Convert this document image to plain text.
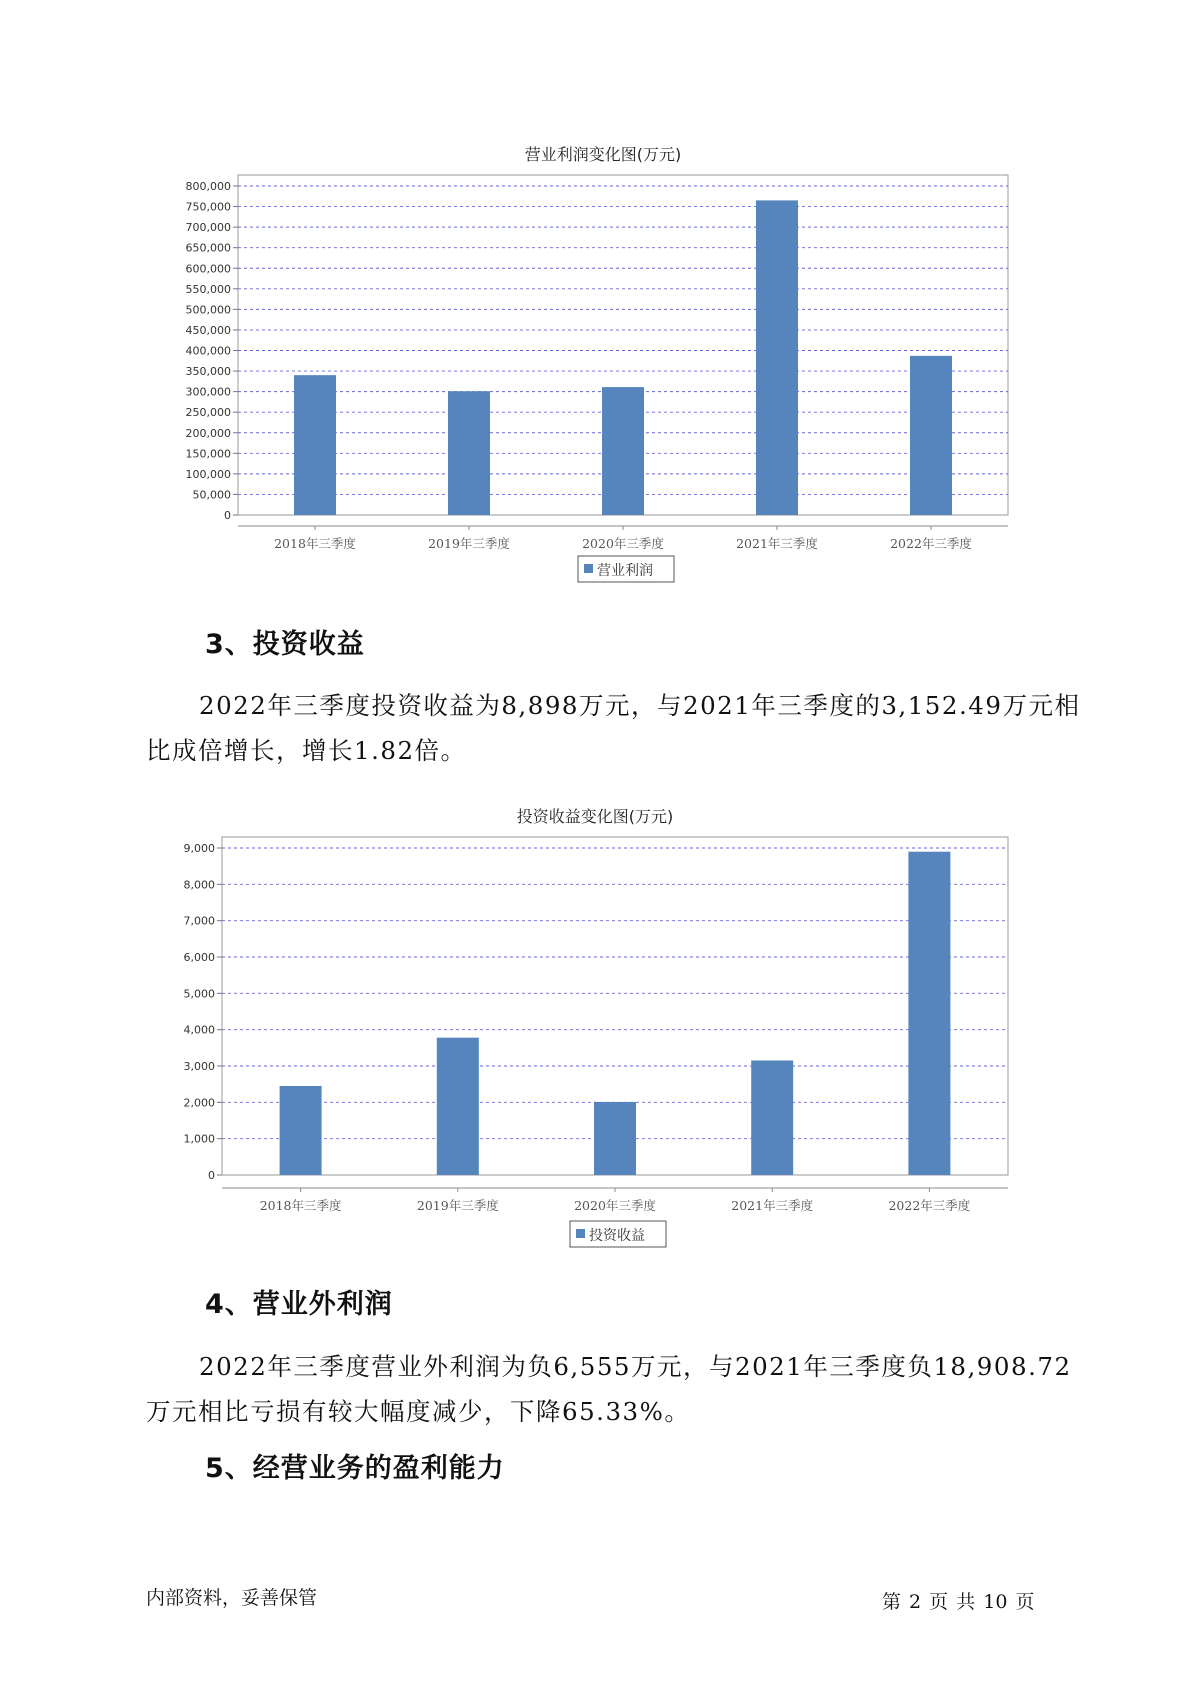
营业利润变化图(万元)
0
50,000
100,000
150,000
200,000
250,000
300,000
350,000
400,000
450,000
500,000
550,000
600,000
650,000
700,000
750,000
800,000
2018年三季度	2019年三季度	2020年三季度	2021年三季度	2022年三季度
营业利润
3、投资收益

2022年三季度投资收益为8,898万元，与2021年三季度的3,152.49万元相比成倍增长，增长1.82倍。

投资收益变化图(万元)
0
1,000
2,000
3,000
4,000
5,000
6,000
7,000
8,000
9,000
2018年三季度	2019年三季度	2020年三季度	2021年三季度	2022年三季度
投资收益
4、营业外利润

2022年三季度营业外利润为负6,555万元，与2021年三季度负18,908.72万元相比亏损有较大幅度减少，下降65.33%。

5、经营业务的盈利能力
内部资料，妥善保管	第 2 页 共 10 页
